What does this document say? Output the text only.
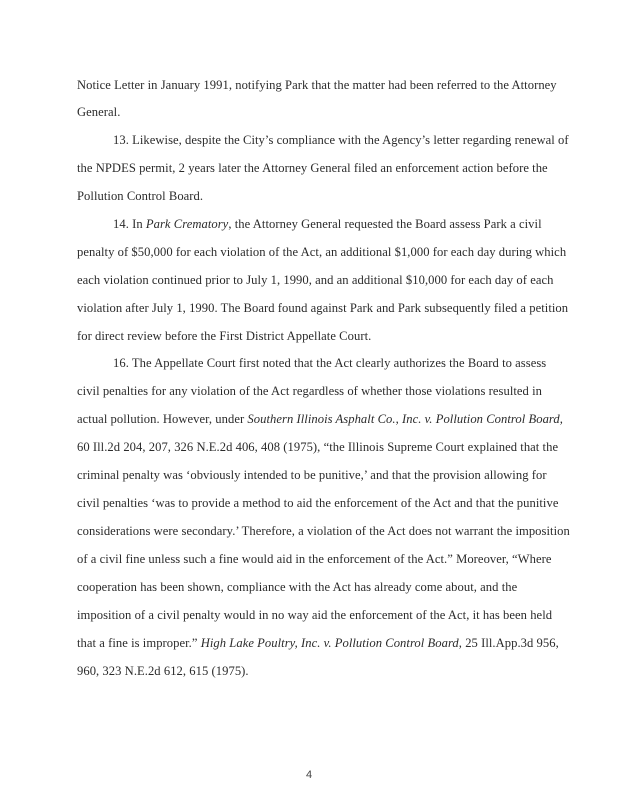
Notice Letter in January 1991, notifying Park that the matter had been referred to the Attorney
General.
13. Likewise, despite the City’s compliance with the Agency’s letter regarding renewal of
the NPDES permit, 2 years later the Attorney General filed an enforcement action before the
Pollution Control Board.
14. In Park Crematory, the Attorney General requested the Board assess Park a civil
penalty of $50,000 for each violation of the Act, an additional $1,000 for each day during which
each violation continued prior to July 1, 1990, and an additional $10,000 for each day of each
violation after July 1, 1990. The Board found against Park and Park subsequently filed a petition
for direct review before the First District Appellate Court.
16. The Appellate Court first noted that the Act clearly authorizes the Board to assess
civil penalties for any violation of the Act regardless of whether those violations resulted in
actual pollution. However, under Southern Illinois Asphalt Co., Inc. v. Pollution Control Board,
60 Ill.2d 204, 207, 326 N.E.2d 406, 408 (1975), “the Illinois Supreme Court explained that the
criminal penalty was ‘obviously intended to be punitive,’ and that the provision allowing for
civil penalties ‘was to provide a method to aid the enforcement of the Act and that the punitive
considerations were secondary.’ Therefore, a violation of the Act does not warrant the imposition
of a civil fine unless such a fine would aid in the enforcement of the Act.” Moreover, “Where
cooperation has been shown, compliance with the Act has already come about, and the
imposition of a civil penalty would in no way aid the enforcement of the Act, it has been held
that a fine is improper.” High Lake Poultry, Inc. v. Pollution Control Board, 25 Ill.App.3d 956,
960, 323 N.E.2d 612, 615 (1975).
4
